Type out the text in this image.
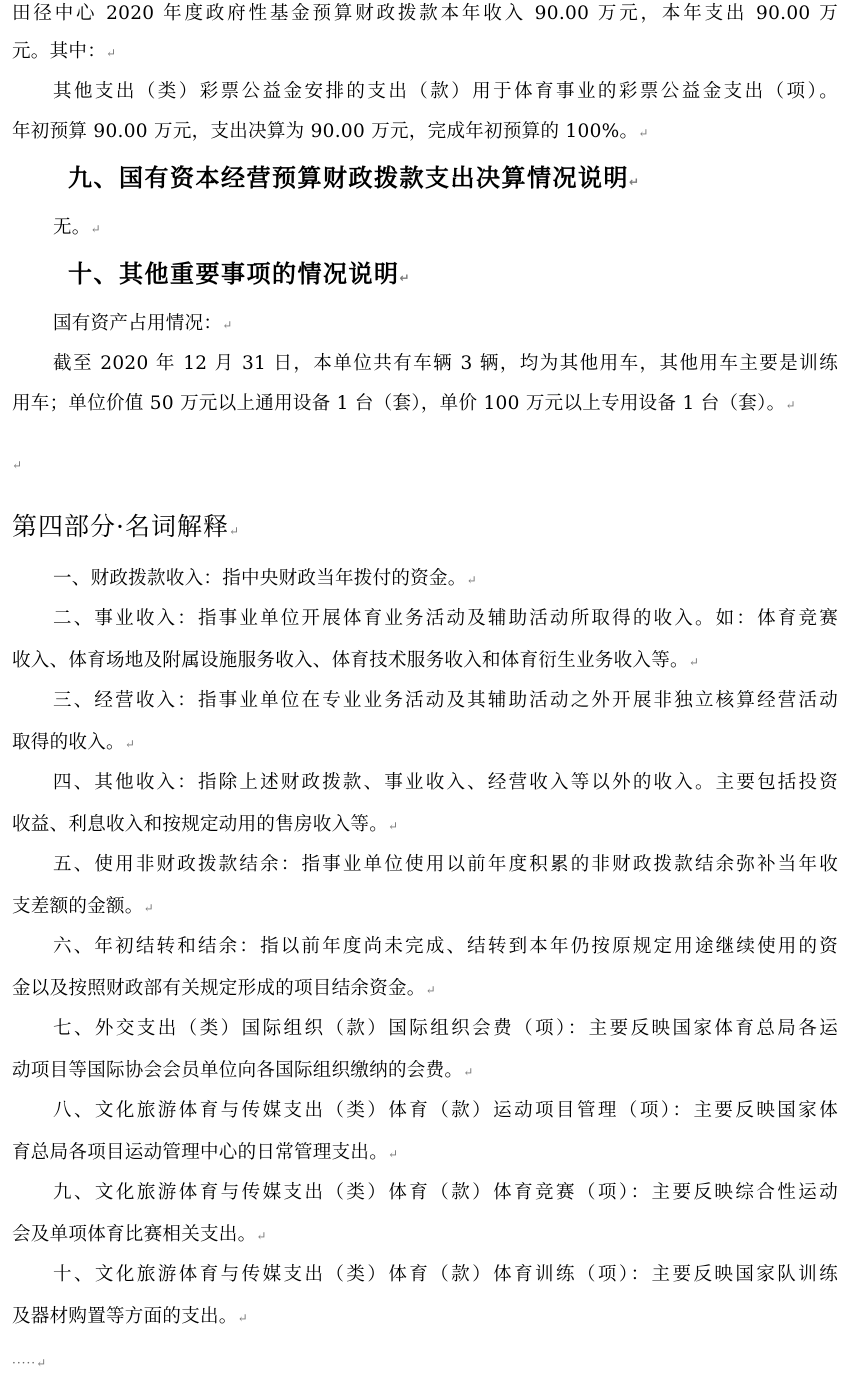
田径中心 2020 年度政府性基金预算财政拨款本年收入 90.00 万元，本年支出 90.00 万
元。其中：↵
其他支出（类）彩票公益金安排的支出（款）用于体育事业的彩票公益金支出（项）。
年初预算 90.00 万元，支出决算为 90.00 万元，完成年初预算的 100%。↵
九、国有资本经营预算财政拨款支出决算情况说明↵
无。↵
十、其他重要事项的情况说明↵
国有资产占用情况：↵
截至 2020 年 12 月 31 日，本单位共有车辆 3 辆，均为其他用车，其他用车主要是训练
用车；单位价值 50 万元以上通用设备 1 台（套），单价 100 万元以上专用设备 1 台（套）。↵
↵
第四部分·名词解释↵
一、财政拨款收入：指中央财政当年拨付的资金。↵
二、事业收入：指事业单位开展体育业务活动及辅助活动所取得的收入。如：体育竞赛
收入、体育场地及附属设施服务收入、体育技术服务收入和体育衍生业务收入等。↵
三、经营收入：指事业单位在专业业务活动及其辅助活动之外开展非独立核算经营活动
取得的收入。↵
四、其他收入：指除上述财政拨款、事业收入、经营收入等以外的收入。主要包括投资
收益、利息收入和按规定动用的售房收入等。↵
五、使用非财政拨款结余：指事业单位使用以前年度积累的非财政拨款结余弥补当年收
支差额的金额。↵
六、年初结转和结余：指以前年度尚未完成、结转到本年仍按原规定用途继续使用的资
金以及按照财政部有关规定形成的项目结余资金。↵
七、外交支出（类）国际组织（款）国际组织会费（项）：主要反映国家体育总局各运
动项目等国际协会会员单位向各国际组织缴纳的会费。↵
八、文化旅游体育与传媒支出（类）体育（款）运动项目管理（项）：主要反映国家体
育总局各项目运动管理中心的日常管理支出。↵
九、文化旅游体育与传媒支出（类）体育（款）体育竞赛（项）：主要反映综合性运动
会及单项体育比赛相关支出。↵
十、文化旅游体育与传媒支出（类）体育（款）体育训练（项）：主要反映国家队训练
及器材购置等方面的支出。↵
·····↵
